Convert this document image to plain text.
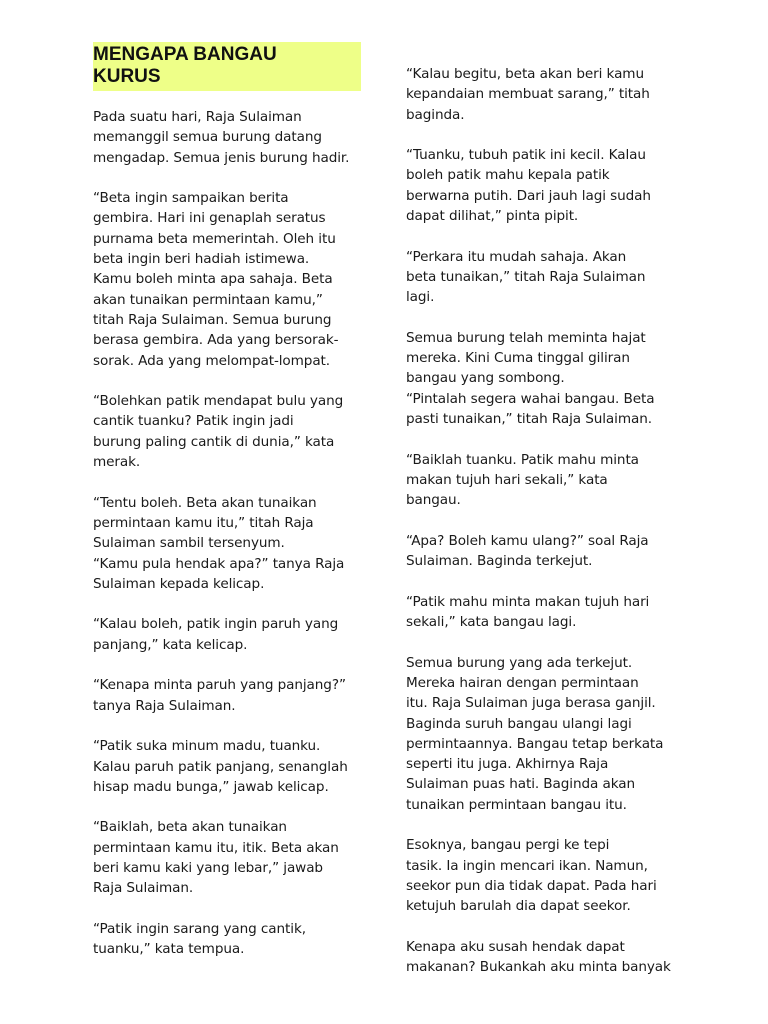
MENGAPA BANGAU
KURUS

Pada suatu hari, Raja Sulaiman
memanggil semua burung datang
mengadap. Semua jenis burung hadir.

“Beta ingin sampaikan berita
gembira. Hari ini genaplah seratus
purnama beta memerintah. Oleh itu
beta ingin beri hadiah istimewa.
Kamu boleh minta apa sahaja. Beta
akan tunaikan permintaan kamu,”
titah Raja Sulaiman. Semua burung
berasa gembira. Ada yang bersorak-
sorak. Ada yang melompat-lompat.

“Bolehkan patik mendapat bulu yang
cantik tuanku? Patik ingin jadi
burung paling cantik di dunia,” kata
merak.

“Tentu boleh. Beta akan tunaikan
permintaan kamu itu,” titah Raja
Sulaiman sambil tersenyum.
“Kamu pula hendak apa?” tanya Raja
Sulaiman kepada kelicap.

“Kalau boleh, patik ingin paruh yang
panjang,” kata kelicap.

“Kenapa minta paruh yang panjang?”
tanya Raja Sulaiman.

“Patik suka minum madu, tuanku.
Kalau paruh patik panjang, senanglah
hisap madu bunga,” jawab kelicap.

“Baiklah, beta akan tunaikan
permintaan kamu itu, itik. Beta akan
beri kamu kaki yang lebar,” jawab
Raja Sulaiman.

“Patik ingin sarang yang cantik,
tuanku,” kata tempua.

“Kalau begitu, beta akan beri kamu
kepandaian membuat sarang,” titah
baginda.

“Tuanku, tubuh patik ini kecil. Kalau
boleh patik mahu kepala patik
berwarna putih. Dari jauh lagi sudah
dapat dilihat,” pinta pipit.

“Perkara itu mudah sahaja. Akan
beta tunaikan,” titah Raja Sulaiman
lagi.

Semua burung telah meminta hajat
mereka. Kini Cuma tinggal giliran
bangau yang sombong.
“Pintalah segera wahai bangau. Beta
pasti tunaikan,” titah Raja Sulaiman.

“Baiklah tuanku. Patik mahu minta
makan tujuh hari sekali,” kata
bangau.

“Apa? Boleh kamu ulang?” soal Raja
Sulaiman. Baginda terkejut.

“Patik mahu minta makan tujuh hari
sekali,” kata bangau lagi.

Semua burung yang ada terkejut.
Mereka hairan dengan permintaan
itu. Raja Sulaiman juga berasa ganjil.
Baginda suruh bangau ulangi lagi
permintaannya. Bangau tetap berkata
seperti itu juga. Akhirnya Raja
Sulaiman puas hati. Baginda akan
tunaikan permintaan bangau itu.

Esoknya, bangau pergi ke tepi
tasik. Ia ingin mencari ikan. Namun,
seekor pun dia tidak dapat. Pada hari
ketujuh barulah dia dapat seekor.

Kenapa aku susah hendak dapat
makanan? Bukankah aku minta banyak
